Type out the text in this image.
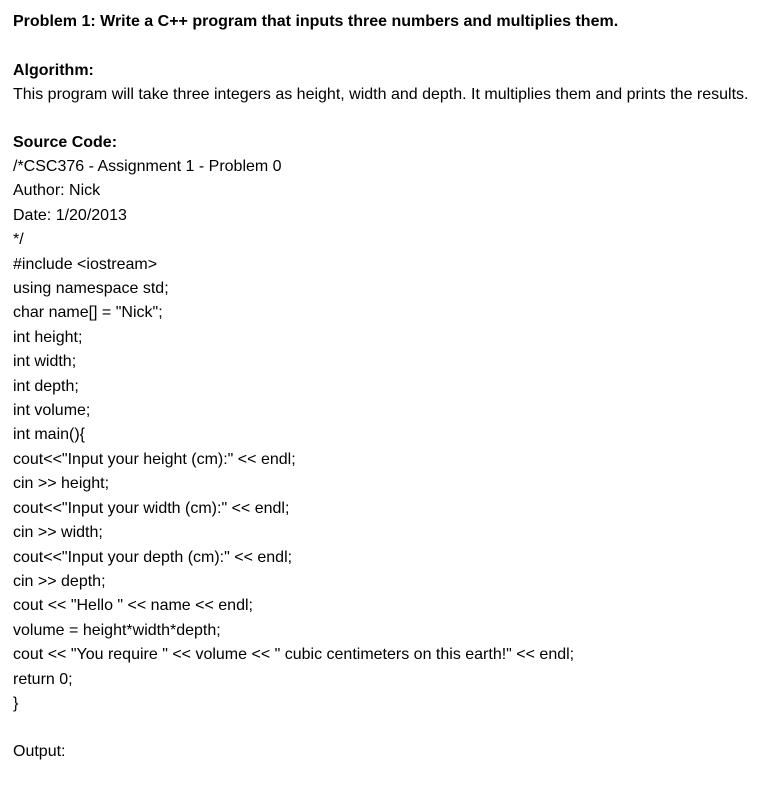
Problem 1: Write a C++ program that inputs three numbers and multiplies them.

Algorithm:

This program will take three integers as height, width and depth. It multiplies them and prints the results.

Source Code:

/*CSC376 - Assignment 1 - Problem 0

Author: Nick

Date: 1/20/2013

*/

#include <iostream>

using namespace std;

char name[] = "Nick";

int height;

int width;

int depth;

int volume;

int main(){

cout<<"Input your height (cm):" << endl;

cin >> height;

cout<<"Input your width (cm):" << endl;

cin >> width;

cout<<"Input your depth (cm):" << endl;

cin >> depth;

cout << "Hello " << name << endl;

volume = height*width*depth;

cout << "You require " << volume << " cubic centimeters on this earth!" << endl;

return 0;

}

Output:
